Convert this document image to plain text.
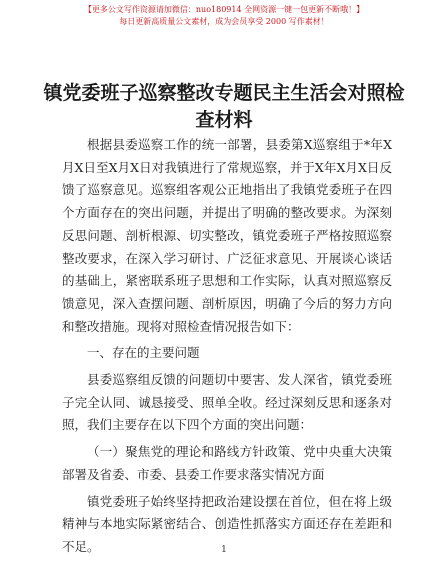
【更多公文写作资源请加微信：nuo180914 全网资源一键一包更新不断哦！】
每日更新高质量公文素材，成为会员享受 2000 写作素材！
镇党委班子巡察整改专题民主生活会对照检查材料

根据县委巡察工作的统一部署，县委第Ⅹ巡察组于*年Ⅹ月Ⅹ日至Ⅹ月Ⅹ日对我镇进行了常规巡察，并于Ⅹ年Ⅹ月Ⅹ日反馈了巡察意见。巡察组客观公正地指出了我镇党委班子在四个方面存在的突出问题，并提出了明确的整改要求。为深刻反思问题、剖析根源、切实整改，镇党委班子严格按照巡察整改要求，在深入学习研讨、广泛征求意见、开展谈心谈话的基础上，紧密联系班子思想和工作实际，认真对照巡察反馈意见，深入查摆问题、剖析原因，明确了今后的努力方向和整改措施。现将对照检查情况报告如下：

一、存在的主要问题

县委巡察组反馈的问题切中要害、发人深省，镇党委班子完全认同、诚恳接受、照单全收。经过深刻反思和逐条对照，我们主要存在以下四个方面的突出问题：

（一）聚焦党的理论和路线方针政策、党中央重大决策部署及省委、市委、县委工作要求落实情况方面

镇党委班子始终坚持把政治建设摆在首位，但在将上级精神与本地实际紧密结合、创造性抓落实方面还存在差距和不足。	1
